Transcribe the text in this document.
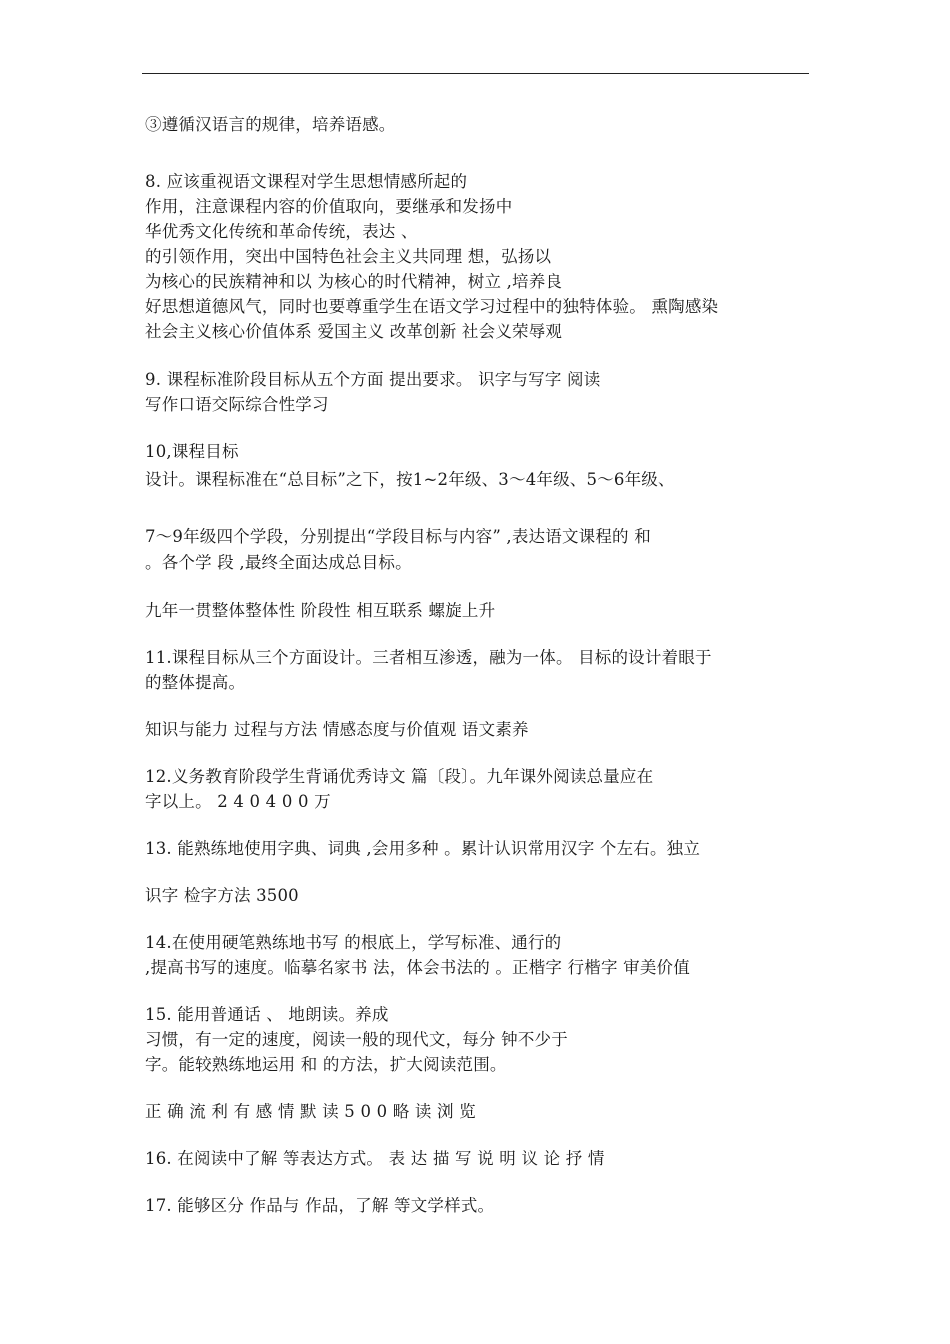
③遵循汉语言的规律，培养语感。
8. 应该重视语文课程对学生思想情感所起的
作用，注意课程内容的价值取向，要继承和发扬中
华优秀文化传统和革命传统，表达 、
的引领作用，突出中国特色社会主义共同理 想，弘扬以
为核心的民族精神和以 为核心的时代精神，树立 ,培养良
好思想道德风气，同时也要尊重学生在语文学习过程中的独特体验。 熏陶感染
社会主义核心价值体系 爱国主义 改革创新 社会义荣辱观
9. 课程标准阶段目标从五个方面 提出要求。 识字与写字 阅读
写作口语交际综合性学习
10,课程目标
设计。课程标准在“总目标”之下，按1~2年级、3～4年级、5～6年级、
7～9年级四个学段，分别提出“学段目标与内容” ,表达语文课程的 和
。各个学 段 ,最终全面达成总目标。
九年一贯整体整体性 阶段性 相互联系 螺旋上升
11.课程目标从三个方面设计。三者相互渗透，融为一体。 目标的设计着眼于
的整体提高。
知识与能力 过程与方法 情感态度与价值观 语文素养
12.义务教育阶段学生背诵优秀诗文 篇〔段〕。九年课外阅读总量应在
字以上。 2 4 0 4 0 0 万
13. 能熟练地使用字典、词典 ,会用多种 。累计认识常用汉字 个左右。独立
识字 检字方法 3500
14.在使用硬笔熟练地书写 的根底上，学写标准、通行的
,提高书写的速度。临摹名家书 法，体会书法的 。正楷字 行楷字 审美价值
15. 能用普通话 、 地朗读。养成
习惯，有一定的速度，阅读一般的现代文，每分 钟不少于
字。能较熟练地运用 和 的方法，扩大阅读范围。
正 确 流 利 有 感 情 默 读 5 0 0 略 读 浏 览
16. 在阅读中了解 等表达方式。 表 达 描 写 说 明 议 论 抒 情
17. 能够区分 作品与 作品，了解 等文学样式。
